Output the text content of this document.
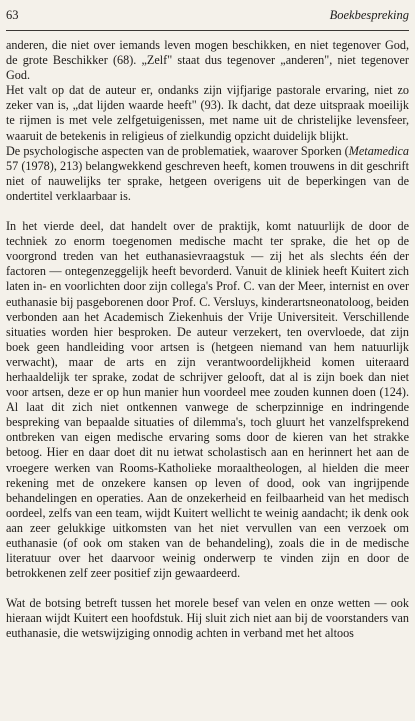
63	Boekbespreking

anderen, die niet over iemands leven mogen beschikken, en niet tegenover God, de grote Beschikker (68). „Zelf" staat dus tegenover „anderen", niet tegenover God.

Het valt op dat de auteur er, ondanks zijn vijfjarige pastorale ervaring, niet zo zeker van is, „dat lijden waarde heeft" (93). Ik dacht, dat deze uitspraak moeilijk te rijmen is met vele zelfgetuigenissen, met name uit de christelijke levensfeer, waaruit de betekenis in religieus of zielkundig opzicht duidelijk blijkt.

De psychologische aspecten van de problematiek, waarover Sporken (Metamedica 57 (1978), 213) belangwekkend geschreven heeft, komen trouwens in dit geschrift niet of nauwelijks ter sprake, hetgeen overigens uit de beperkingen van de ondertitel verklaarbaar is.

In het vierde deel, dat handelt over de praktijk, komt natuurlijk de door de techniek zo enorm toegenomen medische macht ter sprake, die het op de voorgrond treden van het euthanasievraagstuk — zij het als slechts één der factoren — ontegenzeggelijk heeft bevorderd. Vanuit de kliniek heeft Kuitert zich laten in- en voorlichten door zijn collega's Prof. C. van der Meer, internist en over euthanasie bij pasgeborenen door Prof. C. Versluys, kinderartsneonatoloog, beiden verbonden aan het Academisch Ziekenhuis der Vrije Universiteit. Verschillende situaties worden hier besproken. De auteur verzekert, ten overvloede, dat zijn boek geen handleiding voor artsen is (hetgeen niemand van hem natuurlijk verwacht), maar de arts en zijn verantwoordelijkheid komen uiteraard herhaaldelijk ter sprake, zodat de schrijver gelooft, dat al is zijn boek dan niet voor artsen, deze er op hun manier hun voordeel mee zouden kunnen doen (124). Al laat dit zich niet ontkennen vanwege de scherpzinnige en indringende bespreking van bepaalde situaties of dilemma's, toch gluurt het vanzelfsprekend ontbreken van eigen medische ervaring soms door de kieren van het strakke betoog. Hier en daar doet dit nu ietwat scholastisch aan en herinnert het aan de vroegere werken van Rooms-Katholieke moraaltheologen, al hielden die meer rekening met de onzekere kansen op leven of dood, ook van ingrijpende behandelingen en operaties. Aan de onzekerheid en feilbaarheid van het medisch oordeel, zelfs van een team, wijdt Kuitert wellicht te weinig aandacht; ik denk ook aan zeer gelukkige uitkomsten van het niet vervullen van een verzoek om euthanasie (of ook om staken van de behandeling), zoals die in de medische literatuur over het daarvoor weinig onderwerp te vinden zijn en door de betrokkenen zelf zeer positief zijn gewaardeerd.

Wat de botsing betreft tussen het morele besef van velen en onze wetten — ook hieraan wijdt Kuitert een hoofdstuk. Hij sluit zich niet aan bij de voorstanders van euthanasie, die wetswijziging onnodig achten in verband met het altoos
